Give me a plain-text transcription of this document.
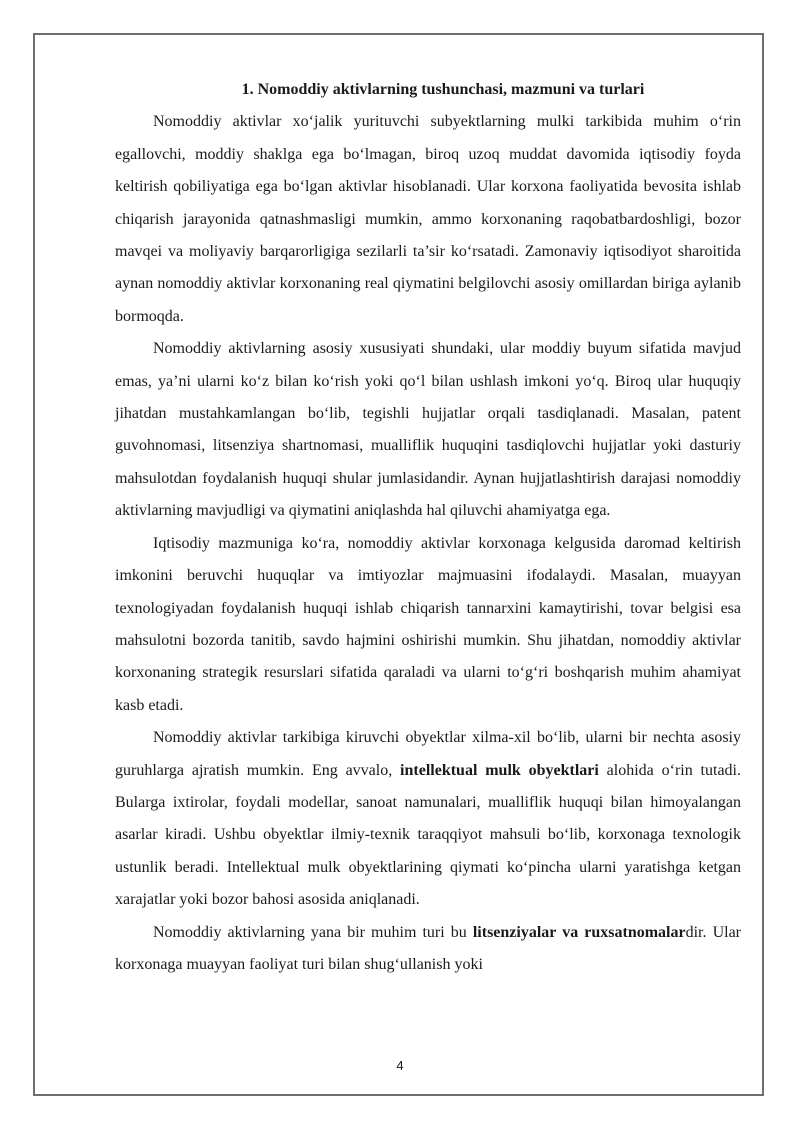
1. Nomoddiy aktivlarning tushunchasi, mazmuni va turlari

Nomoddiy aktivlar xo‘jalik yurituvchi subyektlarning mulki tarkibida muhim o‘rin egallovchi, moddiy shaklga ega bo‘lmagan, biroq uzoq muddat davomida iqtisodiy foyda keltirish qobiliyatiga ega bo‘lgan aktivlar hisoblanadi. Ular korxona faoliyatida bevosita ishlab chiqarish jarayonida qatnashmasligi mumkin, ammo korxonaning raqobatbardoshligi, bozor mavqei va moliyaviy barqarorligiga sezilarli ta’sir ko‘rsatadi. Zamonaviy iqtisodiyot sharoitida aynan nomoddiy aktivlar korxonaning real qiymatini belgilovchi asosiy omillardan biriga aylanib bormoqda.

Nomoddiy aktivlarning asosiy xususiyati shundaki, ular moddiy buyum sifatida mavjud emas, ya’ni ularni ko‘z bilan ko‘rish yoki qo‘l bilan ushlash imkoni yo‘q. Biroq ular huquqiy jihatdan mustahkamlangan bo‘lib, tegishli hujjatlar orqali tasdiqlanadi. Masalan, patent guvohnomasi, litsenziya shartnomasi, mualliflik huquqini tasdiqlovchi hujjatlar yoki dasturiy mahsulotdan foydalanish huquqi shular jumlasidandir. Aynan hujjatlashtirish darajasi nomoddiy aktivlarning mavjudligi va qiymatini aniqlashda hal qiluvchi ahamiyatga ega.

Iqtisodiy mazmuniga ko‘ra, nomoddiy aktivlar korxonaga kelgusida daromad keltirish imkonini beruvchi huquqlar va imtiyozlar majmuasini ifodalaydi. Masalan, muayyan texnologiyadan foydalanish huquqi ishlab chiqarish tannarxini kamaytirishi, tovar belgisi esa mahsulotni bozorda tanitib, savdo hajmini oshirishi mumkin. Shu jihatdan, nomoddiy aktivlar korxonaning strategik resurslari sifatida qaraladi va ularni to‘g‘ri boshqarish muhim ahamiyat kasb etadi.

Nomoddiy aktivlar tarkibiga kiruvchi obyektlar xilma-xil bo‘lib, ularni bir nechta asosiy guruhlarga ajratish mumkin. Eng avvalo, intellektual mulk obyektlari alohida o‘rin tutadi. Bularga ixtirolar, foydali modellar, sanoat namunalari, mualliflik huquqi bilan himoyalangan asarlar kiradi. Ushbu obyektlar ilmiy-texnik taraqqiyot mahsuli bo‘lib, korxonaga texnologik ustunlik beradi. Intellektual mulk obyektlarining qiymati ko‘pincha ularni yaratishga ketgan xarajatlar yoki bozor bahosi asosida aniqlanadi.

Nomoddiy aktivlarning yana bir muhim turi bu litsenziyalar va ruxsatnomalardir. Ular korxonaga muayyan faoliyat turi bilan shug‘ullanish yoki

4
